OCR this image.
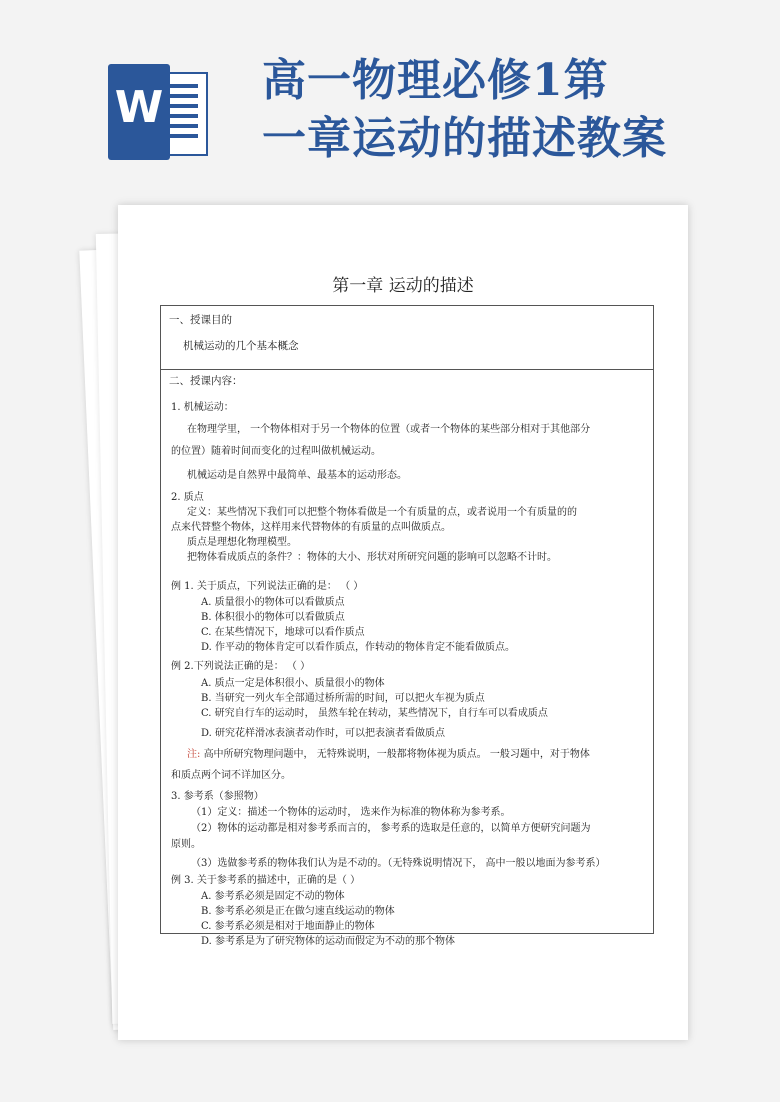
W
高一物理必修1第
一章运动的描述教案
第一章 运动的描述
一、授课目的
机械运动的几个基本概念
二、授课内容：
1. 机械运动：
在物理学里， 一个物体相对于另一个物体的位置（或者一个物体的某些部分相对于其他部分
的位置）随着时间而变化的过程叫做机械运动。
机械运动是自然界中最简单、最基本的运动形态。
2. 质点
定义：某些情况下我们可以把整个物体看做是一个有质量的点，或者说用一个有质量的的
点来代替整个物体，这样用来代替物体的有质量的点叫做质点。
质点是理想化物理模型。
把物体看成质点的条件？：物体的大小、形状对所研究问题的影响可以忽略不计时。
例 1. 关于质点，下列说法正确的是： （ ）
A. 质量很小的物体可以看做质点
B. 体积很小的物体可以看做质点
C. 在某些情况下，地球可以看作质点
D. 作平动的物体肯定可以看作质点，作转动的物体肯定不能看做质点。
例 2.下列说法正确的是： （ ）
A. 质点一定是体积很小、质量很小的物体
B. 当研究一列火车全部通过桥所需的时间，可以把火车视为质点
C. 研究自行车的运动时， 虽然车轮在转动，某些情况下，自行车可以看成质点
D. 研究花样滑冰表演者动作时，可以把表演者看做质点
注: 高中所研究物理问题中， 无特殊说明，一般都将物体视为质点。 一般习题中，对于物体
和质点两个词不详加区分。
3. 参考系（参照物）
（1）定义：描述一个物体的运动时， 选来作为标准的物体称为参考系。
（2）物体的运动都是相对参考系而言的， 参考系的选取是任意的，以简单方便研究问题为
原则。
（3）选做参考系的物体我们认为是不动的。（无特殊说明情况下， 高中一般以地面为参考系）
例 3. 关于参考系的描述中，正确的是（ ）
A. 参考系必须是固定不动的物体
B. 参考系必须是正在做匀速直线运动的物体
C. 参考系必须是相对于地面静止的物体
D. 参考系是为了研究物体的运动而假定为不动的那个物体
